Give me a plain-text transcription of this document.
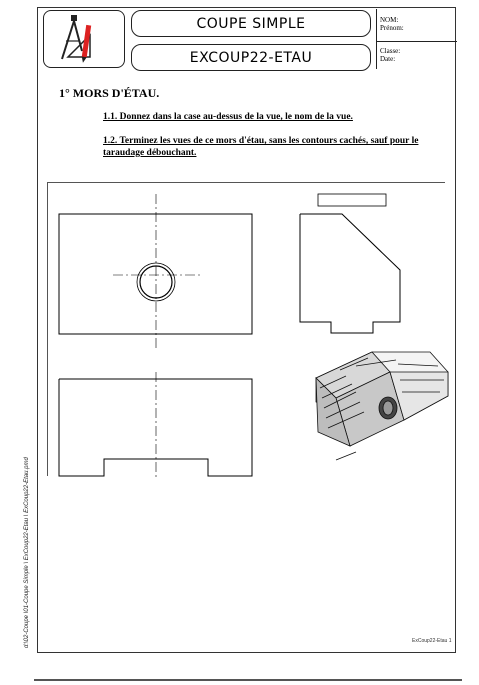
COUPE SIMPLE
EXCOUP22-ETAU
NOM:
Prénom:
Classe:
Date:
1° MORS D'ÉTAU.
1.1. Donnez dans la case au-dessus de la vue, le nom de la vue.
1.2. Terminez les vues de ce mors d'étau, sans les contours cachés, sauf pour le taraudage débouchant.
d:\02-Coupe \01-Coupe Simple \ ExCoup22-Etau \ ExCoup22-Etau.pmd	ExCoup22-Etau 1
